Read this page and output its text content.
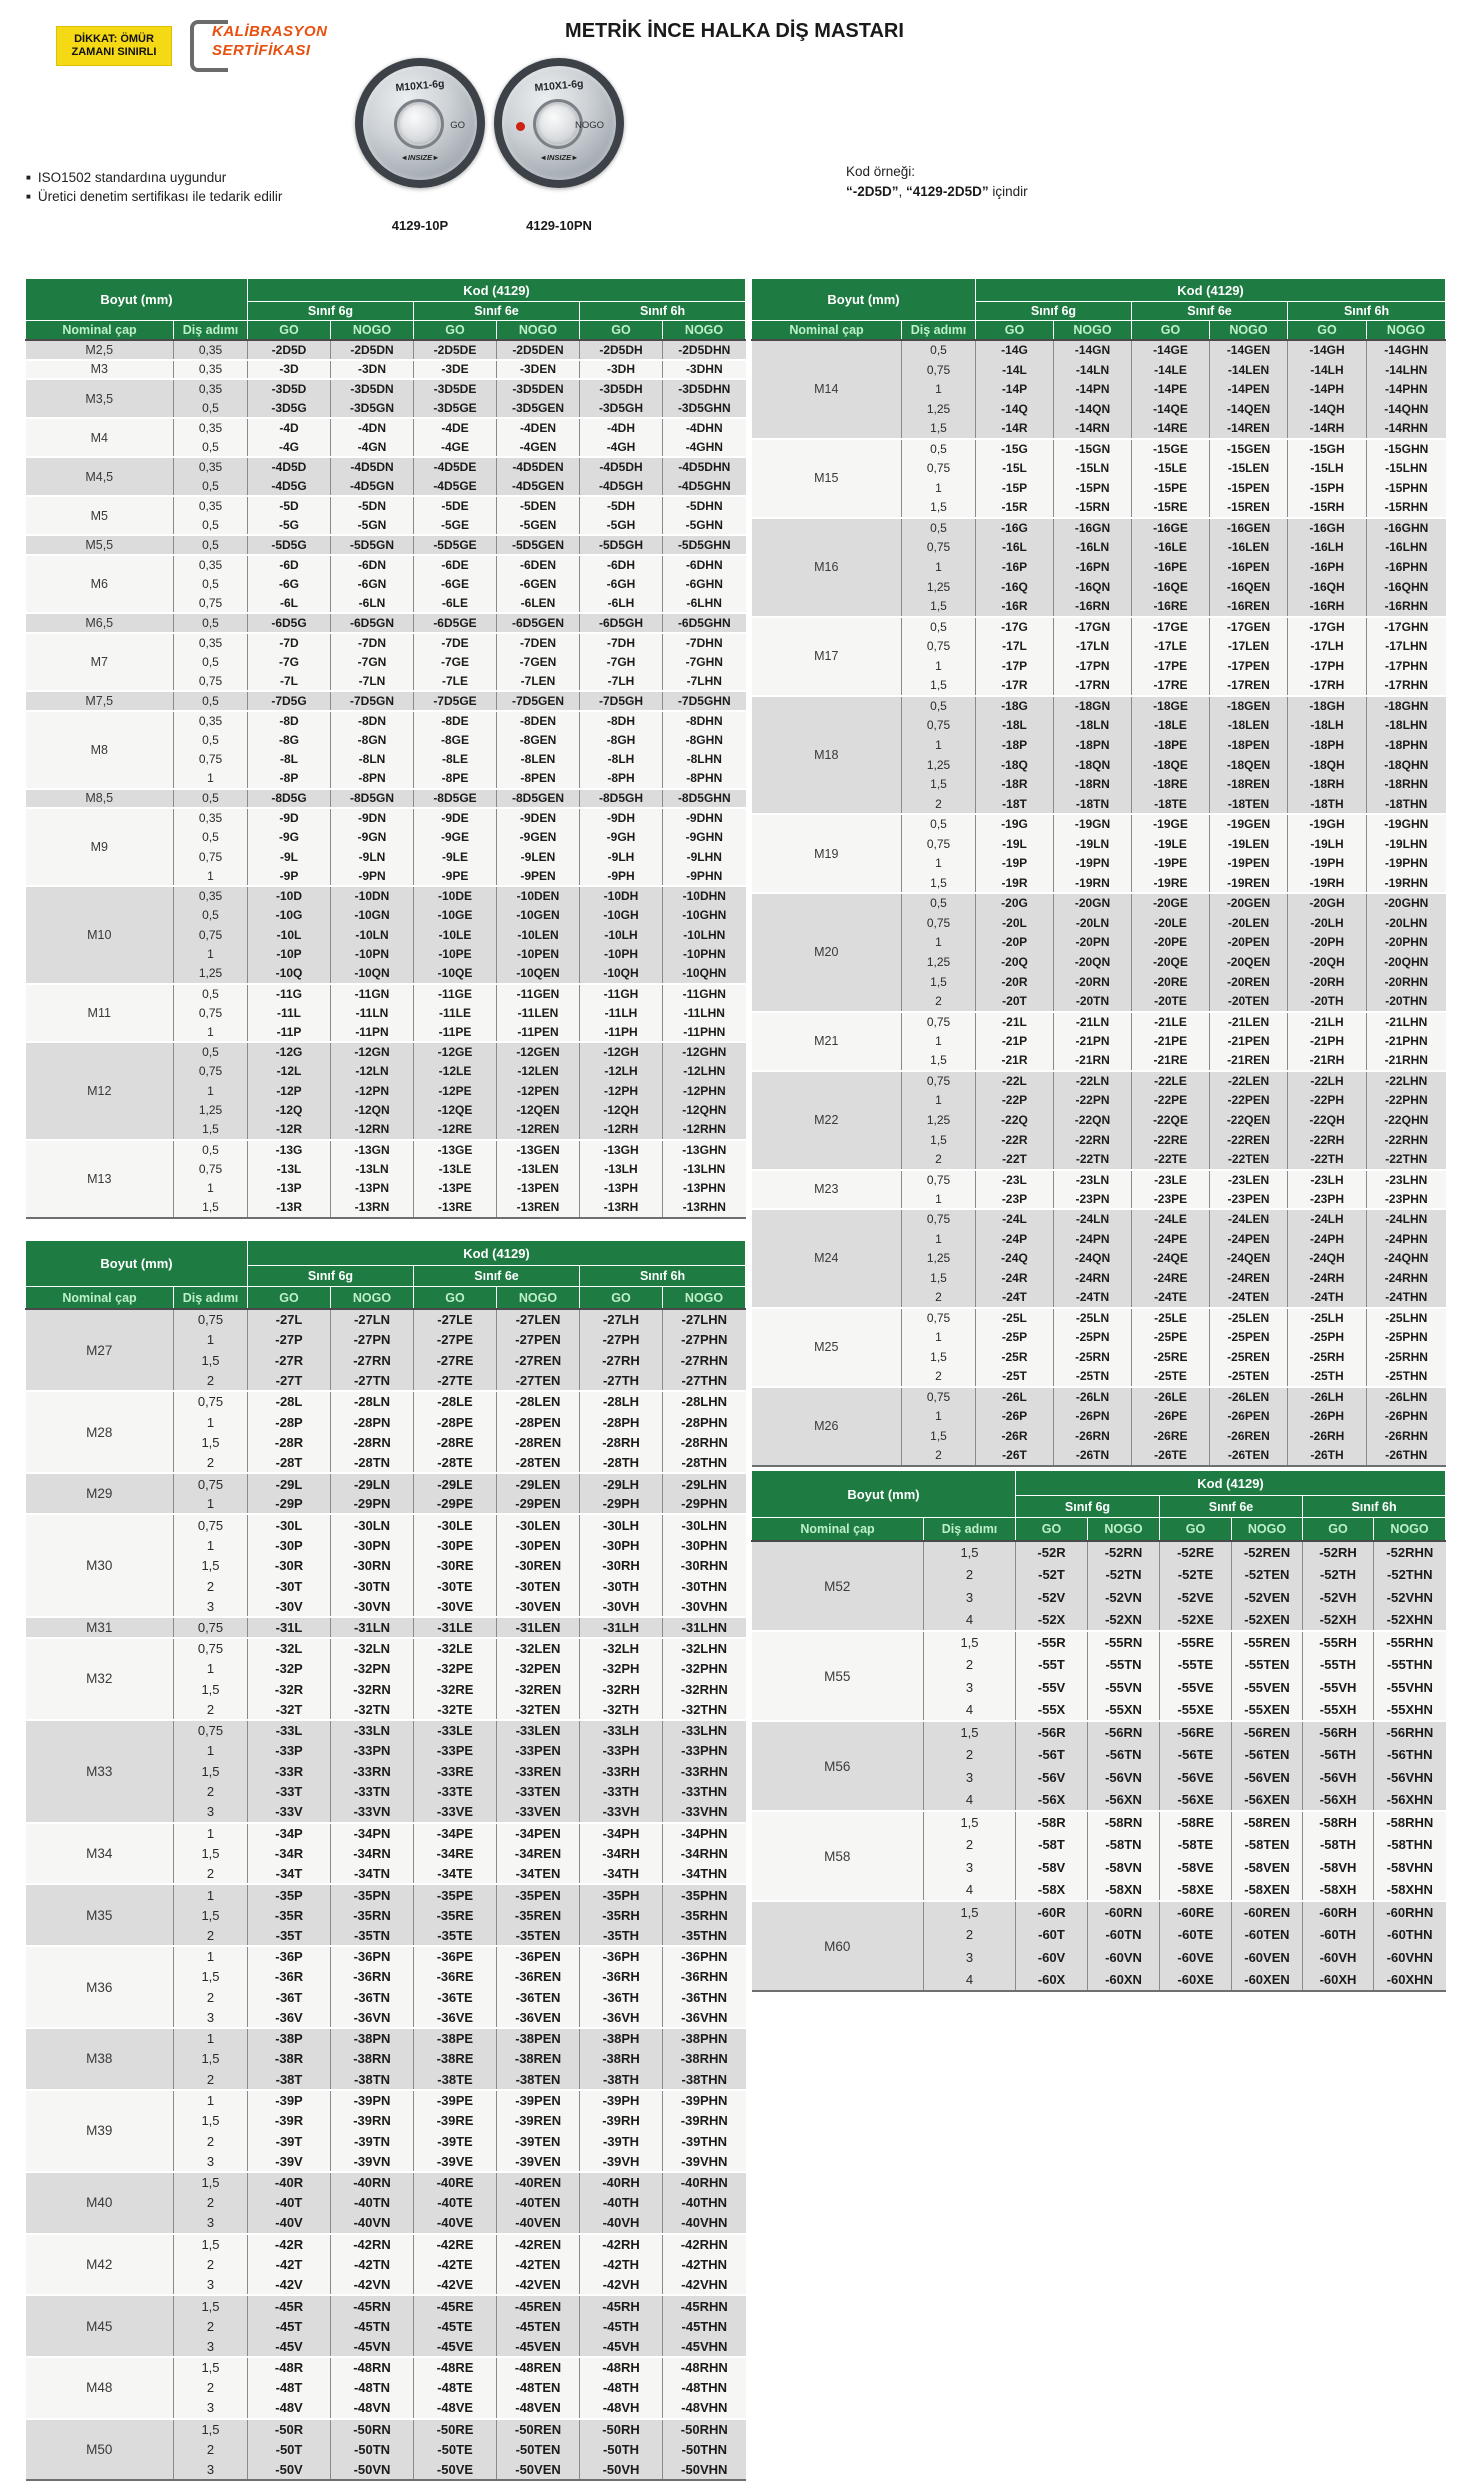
DİKKAT: ÖMÜR
ZAMANI SINIRLI
KALİBRASYON
SERTİFİKASI
METRİK İNCE HALKA DİŞ MASTARI
M10X1-6g
GO
◄INSIZE►
M10X1-6g
NOGO
◄INSIZE►
4129-10P	4129-10PN
■ ISO1502 standardına uygundur
■ Üretici denetim sertifikası ile tedarik edilir
Kod örneği:
“-2D5D”, “4129-2D5D” içindir
Boyut (mm)		Kod (4129)					
		Sınıf 6g		Sınıf 6e		Sınıf 6h	
Nominal çap	Diş adımı	GO	NOGO	GO	NOGO	GO	NOGO
M2,5	0,35	-2D5D	-2D5DN	-2D5DE	-2D5DEN	-2D5DH	-2D5DHN
M3	0,35	-3D	-3DN	-3DE	-3DEN	-3DH	-3DHN
M3,5	0,35	-3D5D	-3D5DN	-3D5DE	-3D5DEN	-3D5DH	-3D5DHN
	0,5	-3D5G	-3D5GN	-3D5GE	-3D5GEN	-3D5GH	-3D5GHN
M4	0,35	-4D	-4DN	-4DE	-4DEN	-4DH	-4DHN
	0,5	-4G	-4GN	-4GE	-4GEN	-4GH	-4GHN
M4,5	0,35	-4D5D	-4D5DN	-4D5DE	-4D5DEN	-4D5DH	-4D5DHN
	0,5	-4D5G	-4D5GN	-4D5GE	-4D5GEN	-4D5GH	-4D5GHN
M5	0,35	-5D	-5DN	-5DE	-5DEN	-5DH	-5DHN
	0,5	-5G	-5GN	-5GE	-5GEN	-5GH	-5GHN
M5,5	0,5	-5D5G	-5D5GN	-5D5GE	-5D5GEN	-5D5GH	-5D5GHN
M6	0,35	-6D	-6DN	-6DE	-6DEN	-6DH	-6DHN
	0,5	-6G	-6GN	-6GE	-6GEN	-6GH	-6GHN
	0,75	-6L	-6LN	-6LE	-6LEN	-6LH	-6LHN
M6,5	0,5	-6D5G	-6D5GN	-6D5GE	-6D5GEN	-6D5GH	-6D5GHN
M7	0,35	-7D	-7DN	-7DE	-7DEN	-7DH	-7DHN
	0,5	-7G	-7GN	-7GE	-7GEN	-7GH	-7GHN
	0,75	-7L	-7LN	-7LE	-7LEN	-7LH	-7LHN
M7,5	0,5	-7D5G	-7D5GN	-7D5GE	-7D5GEN	-7D5GH	-7D5GHN
M8	0,35	-8D	-8DN	-8DE	-8DEN	-8DH	-8DHN
	0,5	-8G	-8GN	-8GE	-8GEN	-8GH	-8GHN
	0,75	-8L	-8LN	-8LE	-8LEN	-8LH	-8LHN
	1	-8P	-8PN	-8PE	-8PEN	-8PH	-8PHN
M8,5	0,5	-8D5G	-8D5GN	-8D5GE	-8D5GEN	-8D5GH	-8D5GHN
M9	0,35	-9D	-9DN	-9DE	-9DEN	-9DH	-9DHN
	0,5	-9G	-9GN	-9GE	-9GEN	-9GH	-9GHN
	0,75	-9L	-9LN	-9LE	-9LEN	-9LH	-9LHN
	1	-9P	-9PN	-9PE	-9PEN	-9PH	-9PHN
M10	0,35	-10D	-10DN	-10DE	-10DEN	-10DH	-10DHN
	0,5	-10G	-10GN	-10GE	-10GEN	-10GH	-10GHN
	0,75	-10L	-10LN	-10LE	-10LEN	-10LH	-10LHN
	1	-10P	-10PN	-10PE	-10PEN	-10PH	-10PHN
	1,25	-10Q	-10QN	-10QE	-10QEN	-10QH	-10QHN
M11	0,5	-11G	-11GN	-11GE	-11GEN	-11GH	-11GHN
	0,75	-11L	-11LN	-11LE	-11LEN	-11LH	-11LHN
	1	-11P	-11PN	-11PE	-11PEN	-11PH	-11PHN
M12	0,5	-12G	-12GN	-12GE	-12GEN	-12GH	-12GHN
	0,75	-12L	-12LN	-12LE	-12LEN	-12LH	-12LHN
	1	-12P	-12PN	-12PE	-12PEN	-12PH	-12PHN
	1,25	-12Q	-12QN	-12QE	-12QEN	-12QH	-12QHN
	1,5	-12R	-12RN	-12RE	-12REN	-12RH	-12RHN
M13	0,5	-13G	-13GN	-13GE	-13GEN	-13GH	-13GHN
	0,75	-13L	-13LN	-13LE	-13LEN	-13LH	-13LHN
	1	-13P	-13PN	-13PE	-13PEN	-13PH	-13PHN
	1,5	-13R	-13RN	-13RE	-13REN	-13RH	-13RHN
Boyut (mm)		Kod (4129)					
		Sınıf 6g		Sınıf 6e		Sınıf 6h	
Nominal çap	Diş adımı	GO	NOGO	GO	NOGO	GO	NOGO
M14	0,5	-14G	-14GN	-14GE	-14GEN	-14GH	-14GHN
	0,75	-14L	-14LN	-14LE	-14LEN	-14LH	-14LHN
	1	-14P	-14PN	-14PE	-14PEN	-14PH	-14PHN
	1,25	-14Q	-14QN	-14QE	-14QEN	-14QH	-14QHN
	1,5	-14R	-14RN	-14RE	-14REN	-14RH	-14RHN
M15	0,5	-15G	-15GN	-15GE	-15GEN	-15GH	-15GHN
	0,75	-15L	-15LN	-15LE	-15LEN	-15LH	-15LHN
	1	-15P	-15PN	-15PE	-15PEN	-15PH	-15PHN
	1,5	-15R	-15RN	-15RE	-15REN	-15RH	-15RHN
M16	0,5	-16G	-16GN	-16GE	-16GEN	-16GH	-16GHN
	0,75	-16L	-16LN	-16LE	-16LEN	-16LH	-16LHN
	1	-16P	-16PN	-16PE	-16PEN	-16PH	-16PHN
	1,25	-16Q	-16QN	-16QE	-16QEN	-16QH	-16QHN
	1,5	-16R	-16RN	-16RE	-16REN	-16RH	-16RHN
M17	0,5	-17G	-17GN	-17GE	-17GEN	-17GH	-17GHN
	0,75	-17L	-17LN	-17LE	-17LEN	-17LH	-17LHN
	1	-17P	-17PN	-17PE	-17PEN	-17PH	-17PHN
	1,5	-17R	-17RN	-17RE	-17REN	-17RH	-17RHN
M18	0,5	-18G	-18GN	-18GE	-18GEN	-18GH	-18GHN
	0,75	-18L	-18LN	-18LE	-18LEN	-18LH	-18LHN
	1	-18P	-18PN	-18PE	-18PEN	-18PH	-18PHN
	1,25	-18Q	-18QN	-18QE	-18QEN	-18QH	-18QHN
	1,5	-18R	-18RN	-18RE	-18REN	-18RH	-18RHN
	2	-18T	-18TN	-18TE	-18TEN	-18TH	-18THN
M19	0,5	-19G	-19GN	-19GE	-19GEN	-19GH	-19GHN
	0,75	-19L	-19LN	-19LE	-19LEN	-19LH	-19LHN
	1	-19P	-19PN	-19PE	-19PEN	-19PH	-19PHN
	1,5	-19R	-19RN	-19RE	-19REN	-19RH	-19RHN
M20	0,5	-20G	-20GN	-20GE	-20GEN	-20GH	-20GHN
	0,75	-20L	-20LN	-20LE	-20LEN	-20LH	-20LHN
	1	-20P	-20PN	-20PE	-20PEN	-20PH	-20PHN
	1,25	-20Q	-20QN	-20QE	-20QEN	-20QH	-20QHN
	1,5	-20R	-20RN	-20RE	-20REN	-20RH	-20RHN
	2	-20T	-20TN	-20TE	-20TEN	-20TH	-20THN
M21	0,75	-21L	-21LN	-21LE	-21LEN	-21LH	-21LHN
	1	-21P	-21PN	-21PE	-21PEN	-21PH	-21PHN
	1,5	-21R	-21RN	-21RE	-21REN	-21RH	-21RHN
M22	0,75	-22L	-22LN	-22LE	-22LEN	-22LH	-22LHN
	1	-22P	-22PN	-22PE	-22PEN	-22PH	-22PHN
	1,25	-22Q	-22QN	-22QE	-22QEN	-22QH	-22QHN
	1,5	-22R	-22RN	-22RE	-22REN	-22RH	-22RHN
	2	-22T	-22TN	-22TE	-22TEN	-22TH	-22THN
M23	0,75	-23L	-23LN	-23LE	-23LEN	-23LH	-23LHN
	1	-23P	-23PN	-23PE	-23PEN	-23PH	-23PHN
M24	0,75	-24L	-24LN	-24LE	-24LEN	-24LH	-24LHN
	1	-24P	-24PN	-24PE	-24PEN	-24PH	-24PHN
	1,25	-24Q	-24QN	-24QE	-24QEN	-24QH	-24QHN
	1,5	-24R	-24RN	-24RE	-24REN	-24RH	-24RHN
	2	-24T	-24TN	-24TE	-24TEN	-24TH	-24THN
M25	0,75	-25L	-25LN	-25LE	-25LEN	-25LH	-25LHN
	1	-25P	-25PN	-25PE	-25PEN	-25PH	-25PHN
	1,5	-25R	-25RN	-25RE	-25REN	-25RH	-25RHN
	2	-25T	-25TN	-25TE	-25TEN	-25TH	-25THN
M26	0,75	-26L	-26LN	-26LE	-26LEN	-26LH	-26LHN
	1	-26P	-26PN	-26PE	-26PEN	-26PH	-26PHN
	1,5	-26R	-26RN	-26RE	-26REN	-26RH	-26RHN
	2	-26T	-26TN	-26TE	-26TEN	-26TH	-26THN
Boyut (mm)		Kod (4129)					
		Sınıf 6g		Sınıf 6e		Sınıf 6h	
Nominal çap	Diş adımı	GO	NOGO	GO	NOGO	GO	NOGO
M27	0,75	-27L	-27LN	-27LE	-27LEN	-27LH	-27LHN
	1	-27P	-27PN	-27PE	-27PEN	-27PH	-27PHN
	1,5	-27R	-27RN	-27RE	-27REN	-27RH	-27RHN
	2	-27T	-27TN	-27TE	-27TEN	-27TH	-27THN
M28	0,75	-28L	-28LN	-28LE	-28LEN	-28LH	-28LHN
	1	-28P	-28PN	-28PE	-28PEN	-28PH	-28PHN
	1,5	-28R	-28RN	-28RE	-28REN	-28RH	-28RHN
	2	-28T	-28TN	-28TE	-28TEN	-28TH	-28THN
M29	0,75	-29L	-29LN	-29LE	-29LEN	-29LH	-29LHN
	1	-29P	-29PN	-29PE	-29PEN	-29PH	-29PHN
M30	0,75	-30L	-30LN	-30LE	-30LEN	-30LH	-30LHN
	1	-30P	-30PN	-30PE	-30PEN	-30PH	-30PHN
	1,5	-30R	-30RN	-30RE	-30REN	-30RH	-30RHN
	2	-30T	-30TN	-30TE	-30TEN	-30TH	-30THN
	3	-30V	-30VN	-30VE	-30VEN	-30VH	-30VHN
M31	0,75	-31L	-31LN	-31LE	-31LEN	-31LH	-31LHN
M32	0,75	-32L	-32LN	-32LE	-32LEN	-32LH	-32LHN
	1	-32P	-32PN	-32PE	-32PEN	-32PH	-32PHN
	1,5	-32R	-32RN	-32RE	-32REN	-32RH	-32RHN
	2	-32T	-32TN	-32TE	-32TEN	-32TH	-32THN
M33	0,75	-33L	-33LN	-33LE	-33LEN	-33LH	-33LHN
	1	-33P	-33PN	-33PE	-33PEN	-33PH	-33PHN
	1,5	-33R	-33RN	-33RE	-33REN	-33RH	-33RHN
	2	-33T	-33TN	-33TE	-33TEN	-33TH	-33THN
	3	-33V	-33VN	-33VE	-33VEN	-33VH	-33VHN
M34	1	-34P	-34PN	-34PE	-34PEN	-34PH	-34PHN
	1,5	-34R	-34RN	-34RE	-34REN	-34RH	-34RHN
	2	-34T	-34TN	-34TE	-34TEN	-34TH	-34THN
M35	1	-35P	-35PN	-35PE	-35PEN	-35PH	-35PHN
	1,5	-35R	-35RN	-35RE	-35REN	-35RH	-35RHN
	2	-35T	-35TN	-35TE	-35TEN	-35TH	-35THN
M36	1	-36P	-36PN	-36PE	-36PEN	-36PH	-36PHN
	1,5	-36R	-36RN	-36RE	-36REN	-36RH	-36RHN
	2	-36T	-36TN	-36TE	-36TEN	-36TH	-36THN
	3	-36V	-36VN	-36VE	-36VEN	-36VH	-36VHN
M38	1	-38P	-38PN	-38PE	-38PEN	-38PH	-38PHN
	1,5	-38R	-38RN	-38RE	-38REN	-38RH	-38RHN
	2	-38T	-38TN	-38TE	-38TEN	-38TH	-38THN
M39	1	-39P	-39PN	-39PE	-39PEN	-39PH	-39PHN
	1,5	-39R	-39RN	-39RE	-39REN	-39RH	-39RHN
	2	-39T	-39TN	-39TE	-39TEN	-39TH	-39THN
	3	-39V	-39VN	-39VE	-39VEN	-39VH	-39VHN
M40	1,5	-40R	-40RN	-40RE	-40REN	-40RH	-40RHN
	2	-40T	-40TN	-40TE	-40TEN	-40TH	-40THN
	3	-40V	-40VN	-40VE	-40VEN	-40VH	-40VHN
M42	1,5	-42R	-42RN	-42RE	-42REN	-42RH	-42RHN
	2	-42T	-42TN	-42TE	-42TEN	-42TH	-42THN
	3	-42V	-42VN	-42VE	-42VEN	-42VH	-42VHN
M45	1,5	-45R	-45RN	-45RE	-45REN	-45RH	-45RHN
	2	-45T	-45TN	-45TE	-45TEN	-45TH	-45THN
	3	-45V	-45VN	-45VE	-45VEN	-45VH	-45VHN
M48	1,5	-48R	-48RN	-48RE	-48REN	-48RH	-48RHN
	2	-48T	-48TN	-48TE	-48TEN	-48TH	-48THN
	3	-48V	-48VN	-48VE	-48VEN	-48VH	-48VHN
M50	1,5	-50R	-50RN	-50RE	-50REN	-50RH	-50RHN
	2	-50T	-50TN	-50TE	-50TEN	-50TH	-50THN
	3	-50V	-50VN	-50VE	-50VEN	-50VH	-50VHN
Boyut (mm)		Kod (4129)					
		Sınıf 6g		Sınıf 6e		Sınıf 6h	
Nominal çap	Diş adımı	GO	NOGO	GO	NOGO	GO	NOGO
M52	1,5	-52R	-52RN	-52RE	-52REN	-52RH	-52RHN
	2	-52T	-52TN	-52TE	-52TEN	-52TH	-52THN
	3	-52V	-52VN	-52VE	-52VEN	-52VH	-52VHN
	4	-52X	-52XN	-52XE	-52XEN	-52XH	-52XHN
M55	1,5	-55R	-55RN	-55RE	-55REN	-55RH	-55RHN
	2	-55T	-55TN	-55TE	-55TEN	-55TH	-55THN
	3	-55V	-55VN	-55VE	-55VEN	-55VH	-55VHN
	4	-55X	-55XN	-55XE	-55XEN	-55XH	-55XHN
M56	1,5	-56R	-56RN	-56RE	-56REN	-56RH	-56RHN
	2	-56T	-56TN	-56TE	-56TEN	-56TH	-56THN
	3	-56V	-56VN	-56VE	-56VEN	-56VH	-56VHN
	4	-56X	-56XN	-56XE	-56XEN	-56XH	-56XHN
M58	1,5	-58R	-58RN	-58RE	-58REN	-58RH	-58RHN
	2	-58T	-58TN	-58TE	-58TEN	-58TH	-58THN
	3	-58V	-58VN	-58VE	-58VEN	-58VH	-58VHN
	4	-58X	-58XN	-58XE	-58XEN	-58XH	-58XHN
M60	1,5	-60R	-60RN	-60RE	-60REN	-60RH	-60RHN
	2	-60T	-60TN	-60TE	-60TEN	-60TH	-60THN
	3	-60V	-60VN	-60VE	-60VEN	-60VH	-60VHN
	4	-60X	-60XN	-60XE	-60XEN	-60XH	-60XHN
